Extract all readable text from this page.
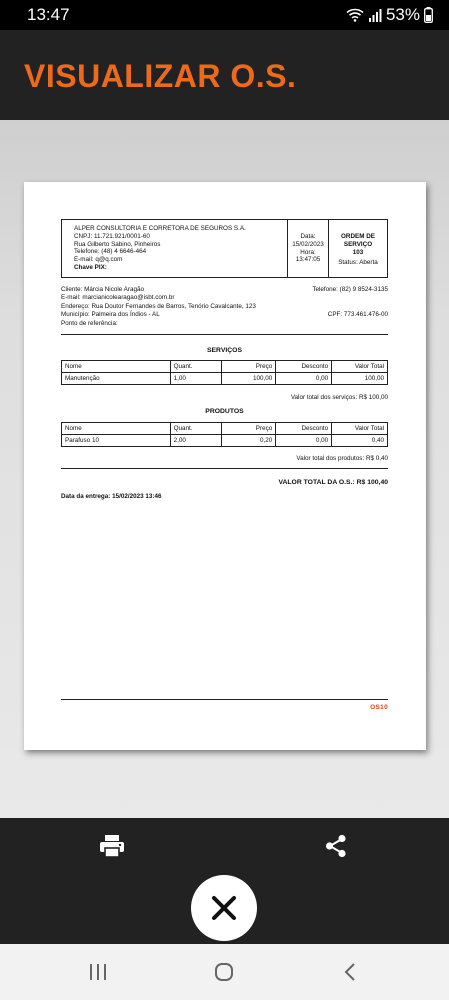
13:47	53%
VISUALIZAR O.S.
ALPER CONSULTORIA E CORRETORA DE SEGUROS S.A.
CNPJ: 11.721.921/0001-60
Rua Gilberto Sabino, Pinheiros
Telefone: (48) 4 6646-464
E-mail: q@q.com
Chave PIX:
Data:
15/02/2023
Hora:
13:47:05
ORDEM DE
SERVIÇO
103
Status: Aberta
Cliente: Márcia Nicole Aragão	Telefone: (82) 9 8524-3135
E-mail: marcianicolearagao@isbt.com.br
Endereço: Rua Doutor Fernandes de Barros, Tenório Cavalcante, 123
Município: Palmeira dos Índios - AL	CPF: 773.461.476-00
Ponto de referência:
SERVIÇOS
Nome	Quant.	Preço	Desconto	Valor Total
Manutenção	1,00	100,00	0,00	100,00
Valor total dos serviços: R$ 100,00
PRODUTOS
Nome	Quant.	Preço	Desconto	Valor Total
Parafuso 10	2,00	0,20	0,00	0,40
Valor total dos produtos: R$ 0,40
VALOR TOTAL DA O.S.: R$ 100,40
Data da entrega: 15/02/2023 13:46
OS10
